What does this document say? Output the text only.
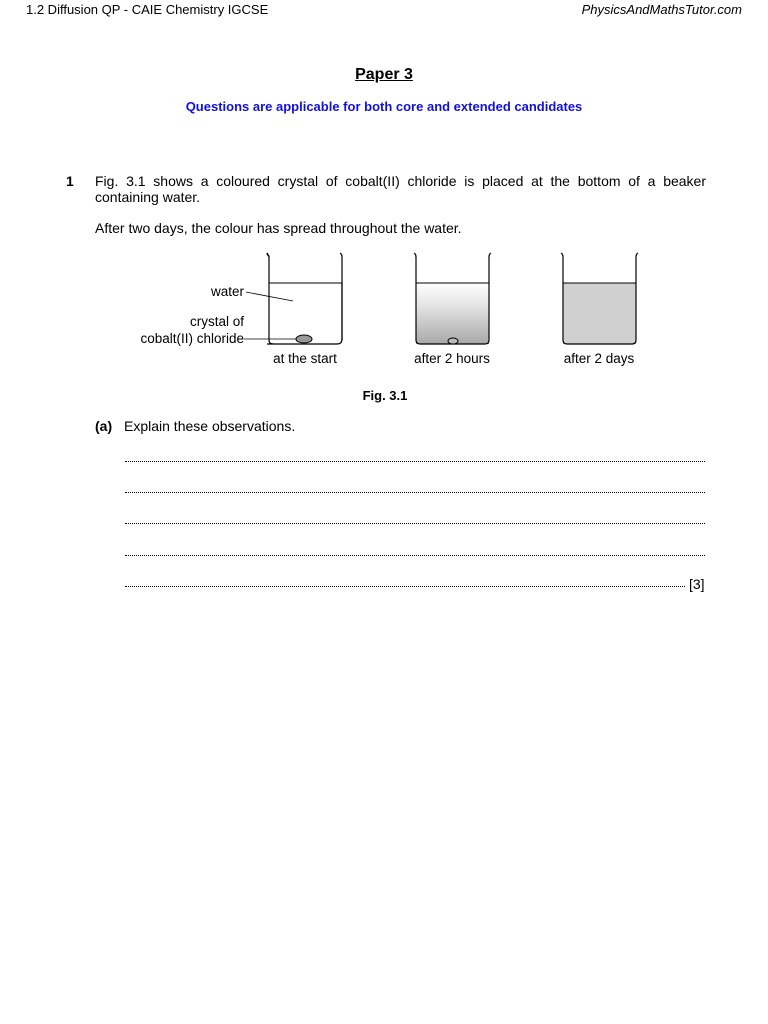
1.2 Diffusion QP - CAIE Chemistry IGCSE	PhysicsAndMathsTutor.com
Paper 3
Questions are applicable for both core and extended candidates
1 Fig. 3.1 shows a coloured crystal of cobalt(II) chloride is placed at the bottom of a beaker containing water.
After two days, the colour has spread throughout the water.
water
crystal of
cobalt(II) chloride
at the start	after 2 hours	after 2 days
Fig. 3.1
(a) Explain these observations.
[3]
